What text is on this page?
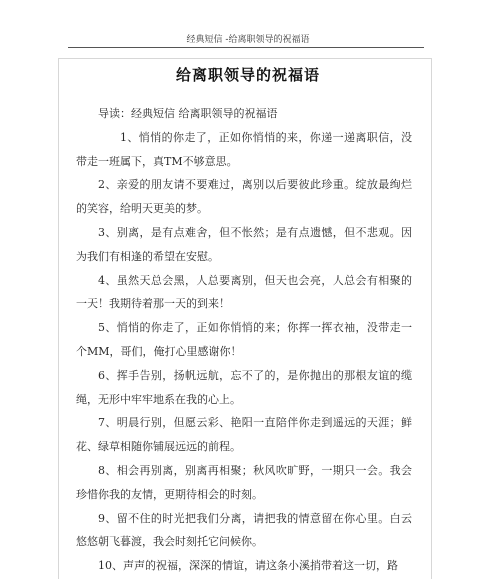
经典短信 -给离职领导的祝福语
给离职领导的祝福语

导读：经典短信 给离职领导的祝福语

1、悄悄的你走了，正如你悄悄的来，你递一递离职信，没带走一班属下，真TM不够意思。

2、亲爱的朋友请不要难过，离别以后要彼此珍重。绽放最绚烂的笑容，给明天更美的梦。

3、别离，是有点难舍，但不怅然；是有点遗憾，但不悲观。因为我们有相逢的希望在安慰。

4、虽然天总会黑，人总要离别，但天也会亮，人总会有相聚的一天！我期待着那一天的到来！

5、悄悄的你走了，正如你悄悄的来；你挥一挥衣袖，没带走一个MM，哥们，俺打心里感谢你！

6、挥手告别，扬帆远航，忘不了的，是你抛出的那根友谊的缆绳，无形中牢牢地系在我的心上。

7、明晨行别，但愿云彩、艳阳一直陪伴你走到遥远的天涯；鲜花、绿草相随你铺展远远的前程。

8、相会再别离，别离再相聚；秋风吹旷野，一期只一会。我会珍惜你我的友情，更期待相会的时刻。

9、留不住的时光把我们分离，请把我的情意留在你心里。白云悠悠朝飞暮渡，我会时刻托它问候你。

10、声声的祝福，深深的情谊，请这条小溪捎带着这一切，路
